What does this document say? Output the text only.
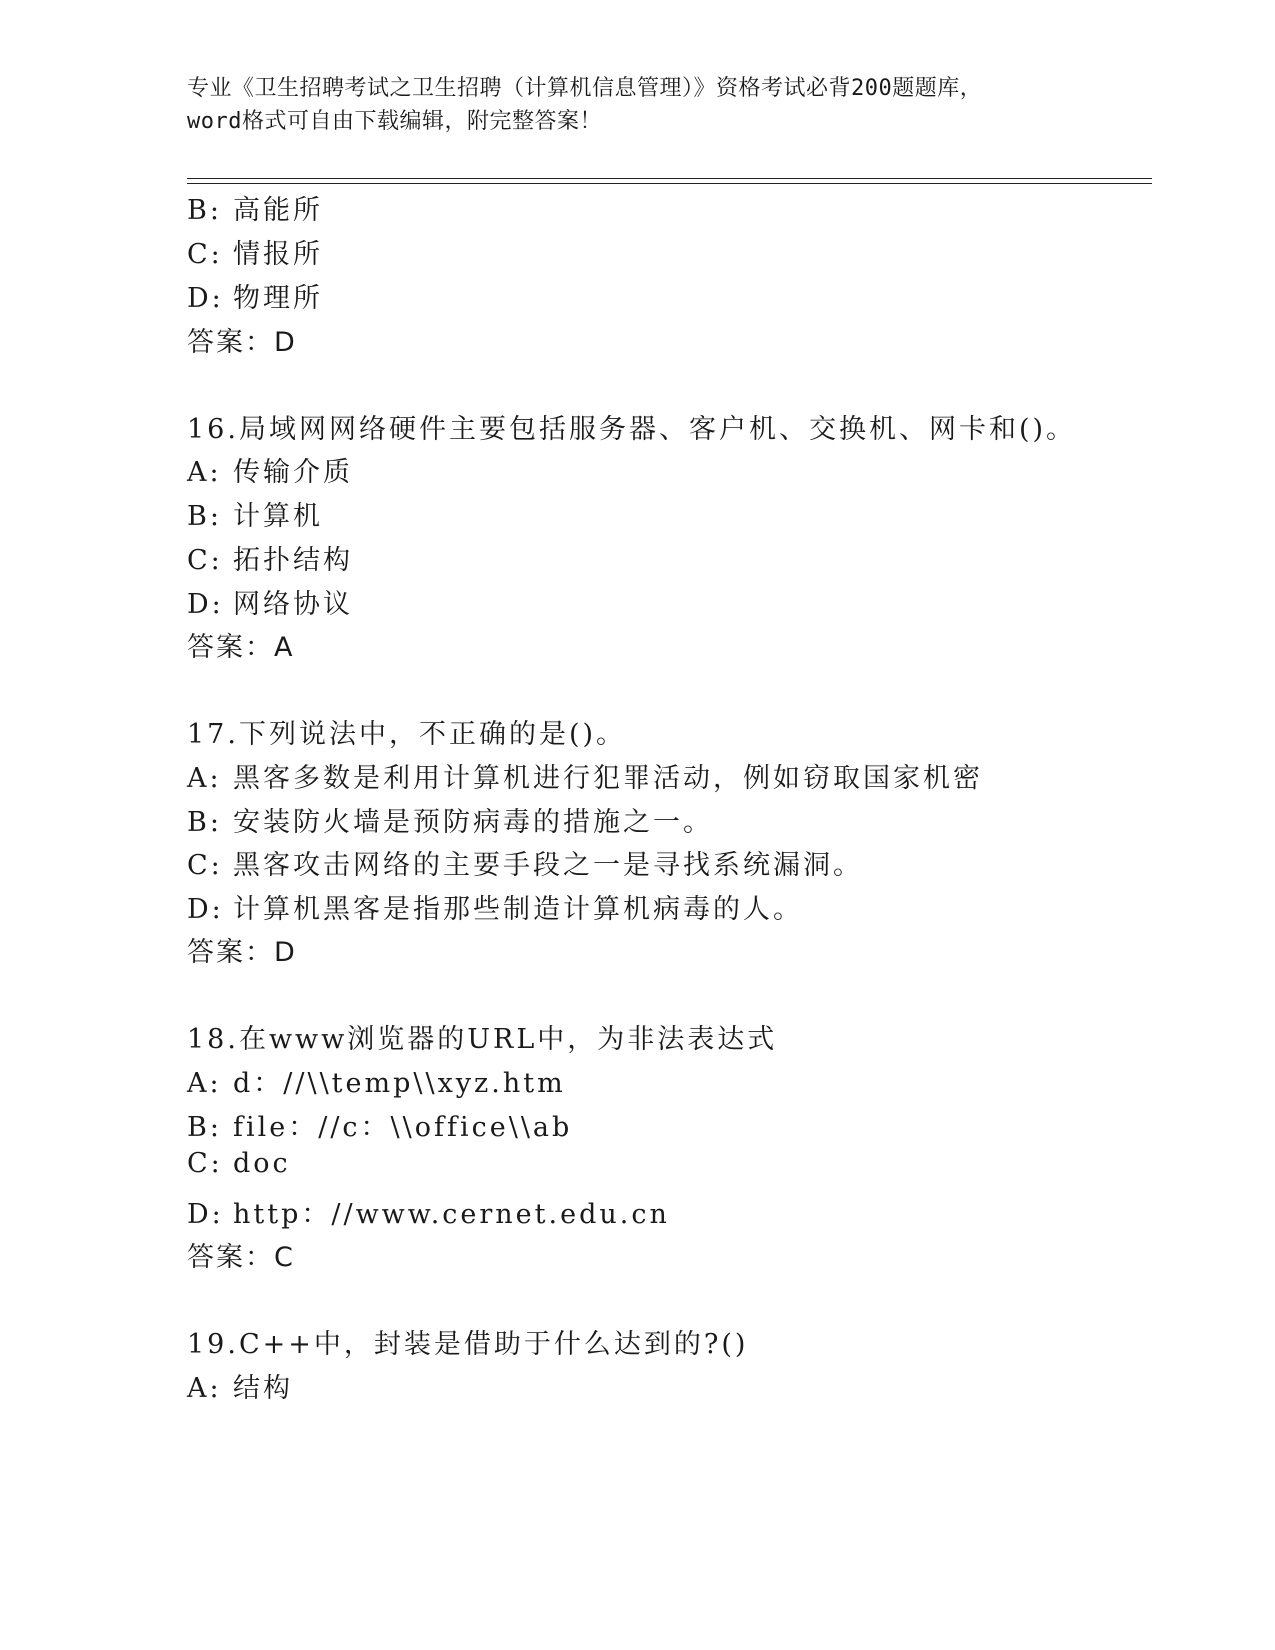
专业《卫生招聘考试之卫生招聘（计算机信息管理）》资格考试必背200题题库，
word格式可自由下载编辑，附完整答案！
B: 高能所
C: 情报所
D: 物理所
答案：D
16.局域网网络硬件主要包括服务器、客户机、交换机、网卡和()。
A: 传输介质
B: 计算机
C: 拓扑结构
D: 网络协议
答案：A
17.下列说法中，不正确的是()。
A: 黑客多数是利用计算机进行犯罪活动，例如窃取国家机密
B: 安装防火墙是预防病毒的措施之一。
C: 黑客攻击网络的主要手段之一是寻找系统漏洞。
D: 计算机黑客是指那些制造计算机病毒的人。
答案：D
18.在www浏览器的URL中，为非法表达式
A: d：//\\temp\\xyz.htm
B: file：//c：\\office\\ab
C: doc
D: http：//www.cernet.edu.cn
答案：C
19.C++中，封装是借助于什么达到的?()
A: 结构
